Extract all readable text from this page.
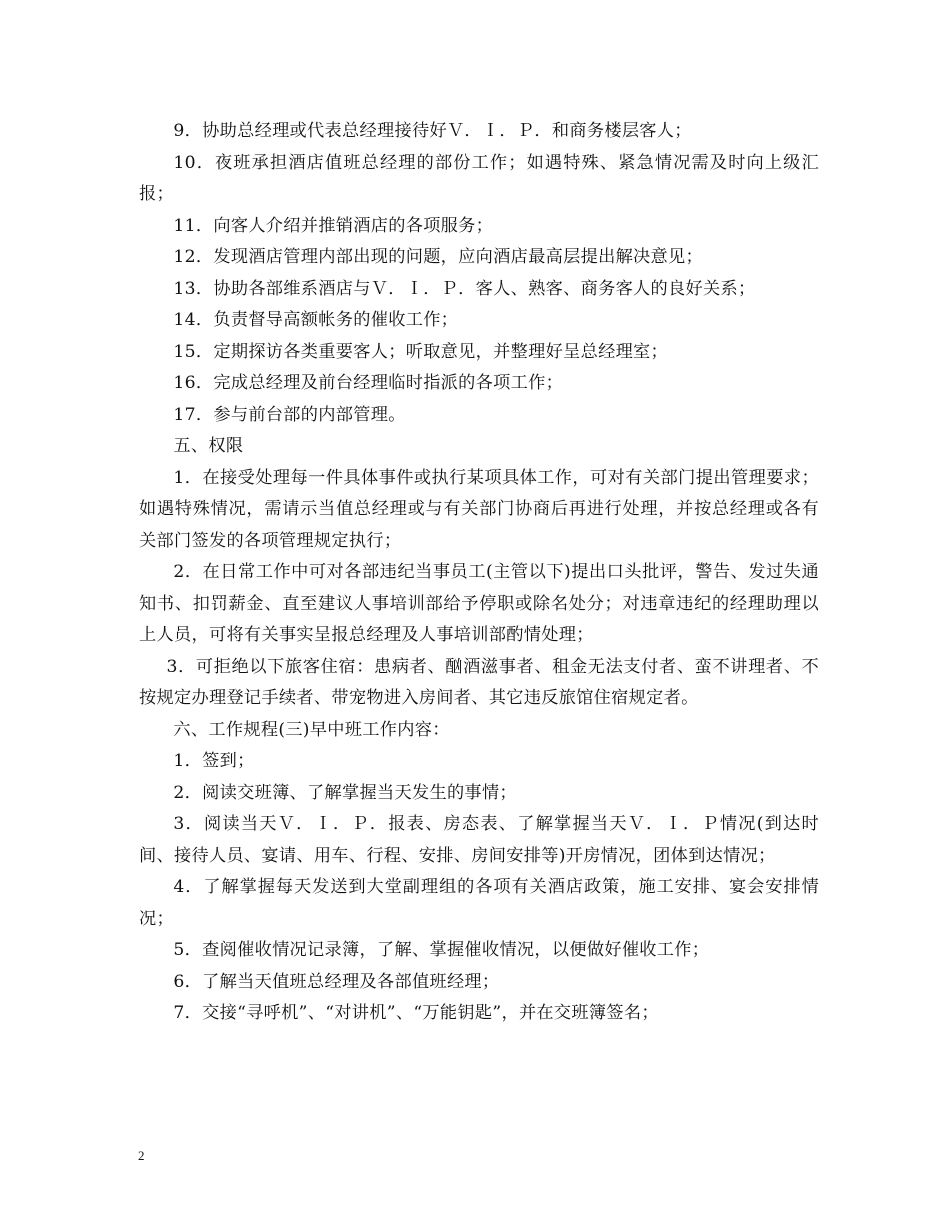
9．协助总经理或代表总经理接待好Ｖ．Ｉ．Ｐ．和商务楼层客人；

10．夜班承担酒店值班总经理的部份工作；如遇特殊、紧急情况需及时向上级汇报；

11．向客人介绍并推销酒店的各项服务；

12．发现酒店管理内部出现的问题，应向酒店最高层提出解决意见；

13．协助各部维系酒店与Ｖ．Ｉ．Ｐ．客人、熟客、商务客人的良好关系；

14．负责督导高额帐务的催收工作；

15．定期探访各类重要客人；听取意见，并整理好呈总经理室；

16．完成总经理及前台经理临时指派的各项工作；

17．参与前台部的内部管理。

五、权限

1．在接受处理每一件具体事件或执行某项具体工作，可对有关部门提出管理要求；如遇特殊情况，需请示当值总经理或与有关部门协商后再进行处理，并按总经理或各有关部门签发的各项管理规定执行；

2．在日常工作中可对各部违纪当事员工(主管以下)提出口头批评，警告、发过失通知书、扣罚薪金、直至建议人事培训部给予停职或除名处分；对违章违纪的经理助理以上人员，可将有关事实呈报总经理及人事培训部酌情处理；

3．可拒绝以下旅客住宿：患病者、酗酒滋事者、租金无法支付者、蛮不讲理者、不按规定办理登记手续者、带宠物进入房间者、其它违反旅馆住宿规定者。

六、工作规程(三)早中班工作内容：

1．签到；

2．阅读交班簿、了解掌握当天发生的事情；

3．阅读当天Ｖ．Ｉ．Ｐ．报表、房态表、了解掌握当天Ｖ．Ｉ．Ｐ情况(到达时间、接待人员、宴请、用车、行程、安排、房间安排等)开房情况，团体到达情况；

4．了解掌握每天发送到大堂副理组的各项有关酒店政策，施工安排、宴会安排情况；

5．查阅催收情况记录簿，了解、掌握催收情况，以便做好催收工作；

6．了解当天值班总经理及各部值班经理；

7．交接“寻呼机”、“对讲机”、“万能钥匙”，并在交班簿签名；

2
